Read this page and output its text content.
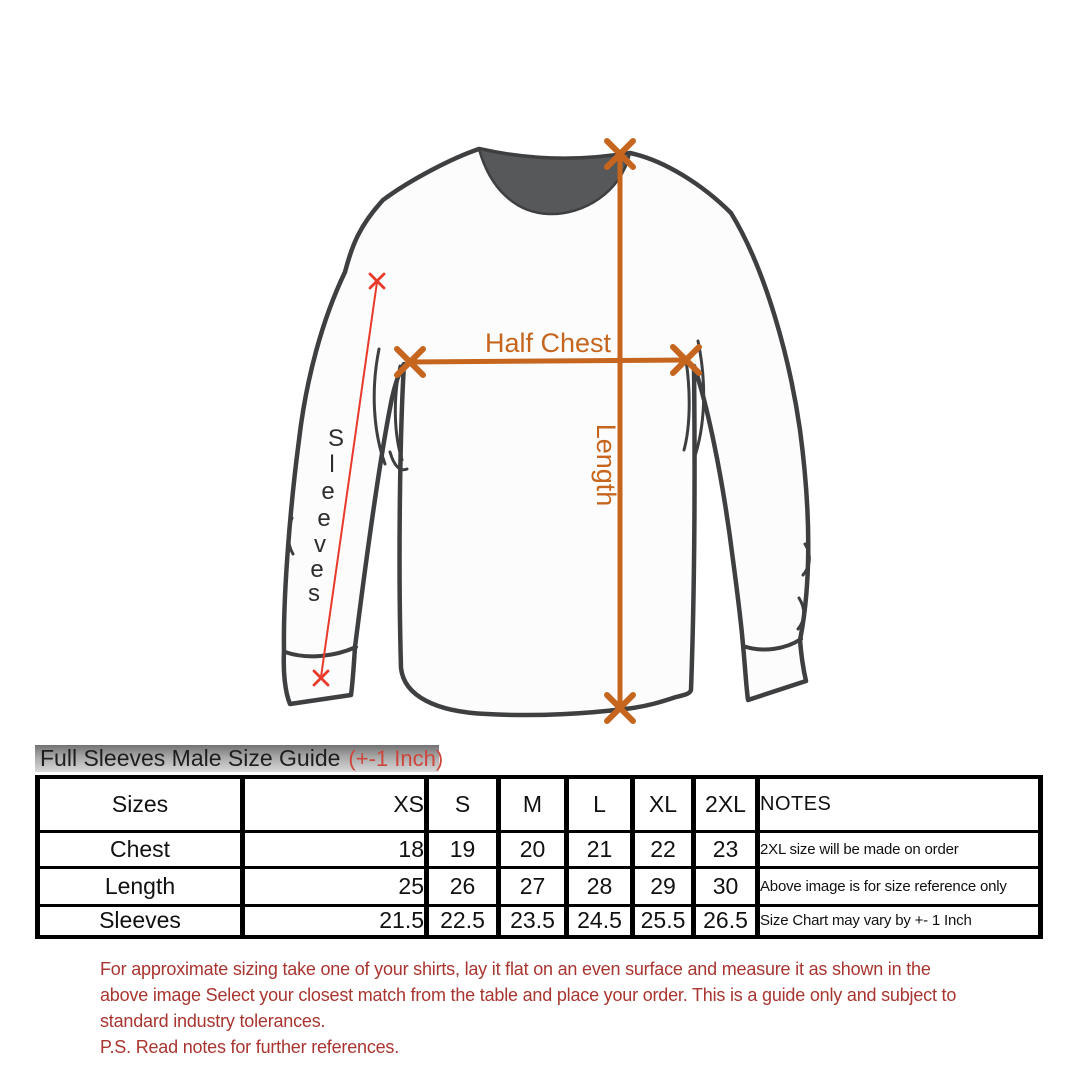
Half Chest
Length
S
l
e
e
v
e
s
Full Sleeves Male Size Guide (+-1 Inch)
Sizes	XS	S	M	L	XL	2XL	NOTES
Chest	18	19	20	21	22	23	2XL size will be made on order
Length	25	26	27	28	29	30	Above image is for size reference only
Sleeves	21.5	22.5	23.5	24.5	25.5	26.5	Size Chart may vary by +- 1 Inch
For approximate sizing take one of your shirts, lay it flat on an even surface and measure it as shown in the
above image Select your closest match from the table and place your order. This is a guide only and subject to
standard industry tolerances.
P.S. Read notes for further references.
